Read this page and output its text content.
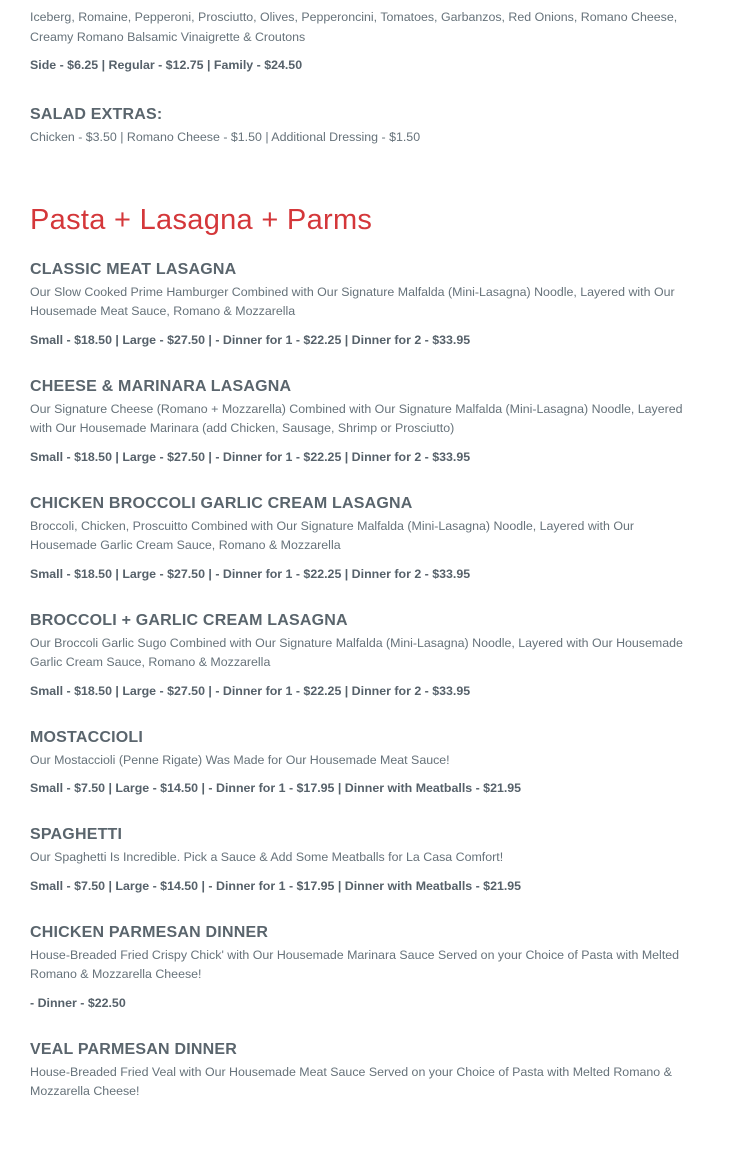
Iceberg, Romaine, Pepperoni, Prosciutto, Olives, Pepperoncini, Tomatoes, Garbanzos, Red Onions, Romano Cheese, Creamy Romano Balsamic Vinaigrette & Croutons

Side - $6.25 | Regular - $12.75 | Family - $24.50

SALAD EXTRAS:

Chicken - $3.50 | Romano Cheese - $1.50 | Additional Dressing - $1.50

Pasta + Lasagna + Parms
CLASSIC MEAT LASAGNA

Our Slow Cooked Prime Hamburger Combined with Our Signature Malfalda (Mini-Lasagna) Noodle, Layered with Our Housemade Meat Sauce, Romano & Mozzarella

Small - $18.50 | Large - $27.50 | - Dinner for 1 - $22.25 | Dinner for 2 - $33.95

CHEESE & MARINARA LASAGNA

Our Signature Cheese (Romano + Mozzarella) Combined with Our Signature Malfalda (Mini-Lasagna) Noodle, Layered with Our Housemade Marinara (add Chicken, Sausage, Shrimp or Prosciutto)

Small - $18.50 | Large - $27.50 | - Dinner for 1 - $22.25 | Dinner for 2 - $33.95

CHICKEN BROCCOLI GARLIC CREAM LASAGNA

Broccoli, Chicken, Proscuitto Combined with Our Signature Malfalda (Mini-Lasagna) Noodle, Layered with Our Housemade Garlic Cream Sauce, Romano & Mozzarella

Small - $18.50 | Large - $27.50 | - Dinner for 1 - $22.25 | Dinner for 2 - $33.95

BROCCOLI + GARLIC CREAM LASAGNA

Our Broccoli Garlic Sugo Combined with Our Signature Malfalda (Mini-Lasagna) Noodle, Layered with Our Housemade Garlic Cream Sauce, Romano & Mozzarella

Small - $18.50 | Large - $27.50 | - Dinner for 1 - $22.25 | Dinner for 2 - $33.95

MOSTACCIOLI

Our Mostaccioli (Penne Rigate) Was Made for Our Housemade Meat Sauce!

Small - $7.50 | Large - $14.50 | - Dinner for 1 - $17.95 | Dinner with Meatballs - $21.95

SPAGHETTI

Our Spaghetti Is Incredible. Pick a Sauce & Add Some Meatballs for La Casa Comfort!

Small - $7.50 | Large - $14.50 | - Dinner for 1 - $17.95 | Dinner with Meatballs - $21.95

CHICKEN PARMESAN DINNER

House-Breaded Fried Crispy Chick' with Our Housemade Marinara Sauce Served on your Choice of Pasta with Melted Romano & Mozzarella Cheese!

- Dinner - $22.50

VEAL PARMESAN DINNER

House-Breaded Fried Veal with Our Housemade Meat Sauce Served on your Choice of Pasta with Melted Romano & Mozzarella Cheese!
